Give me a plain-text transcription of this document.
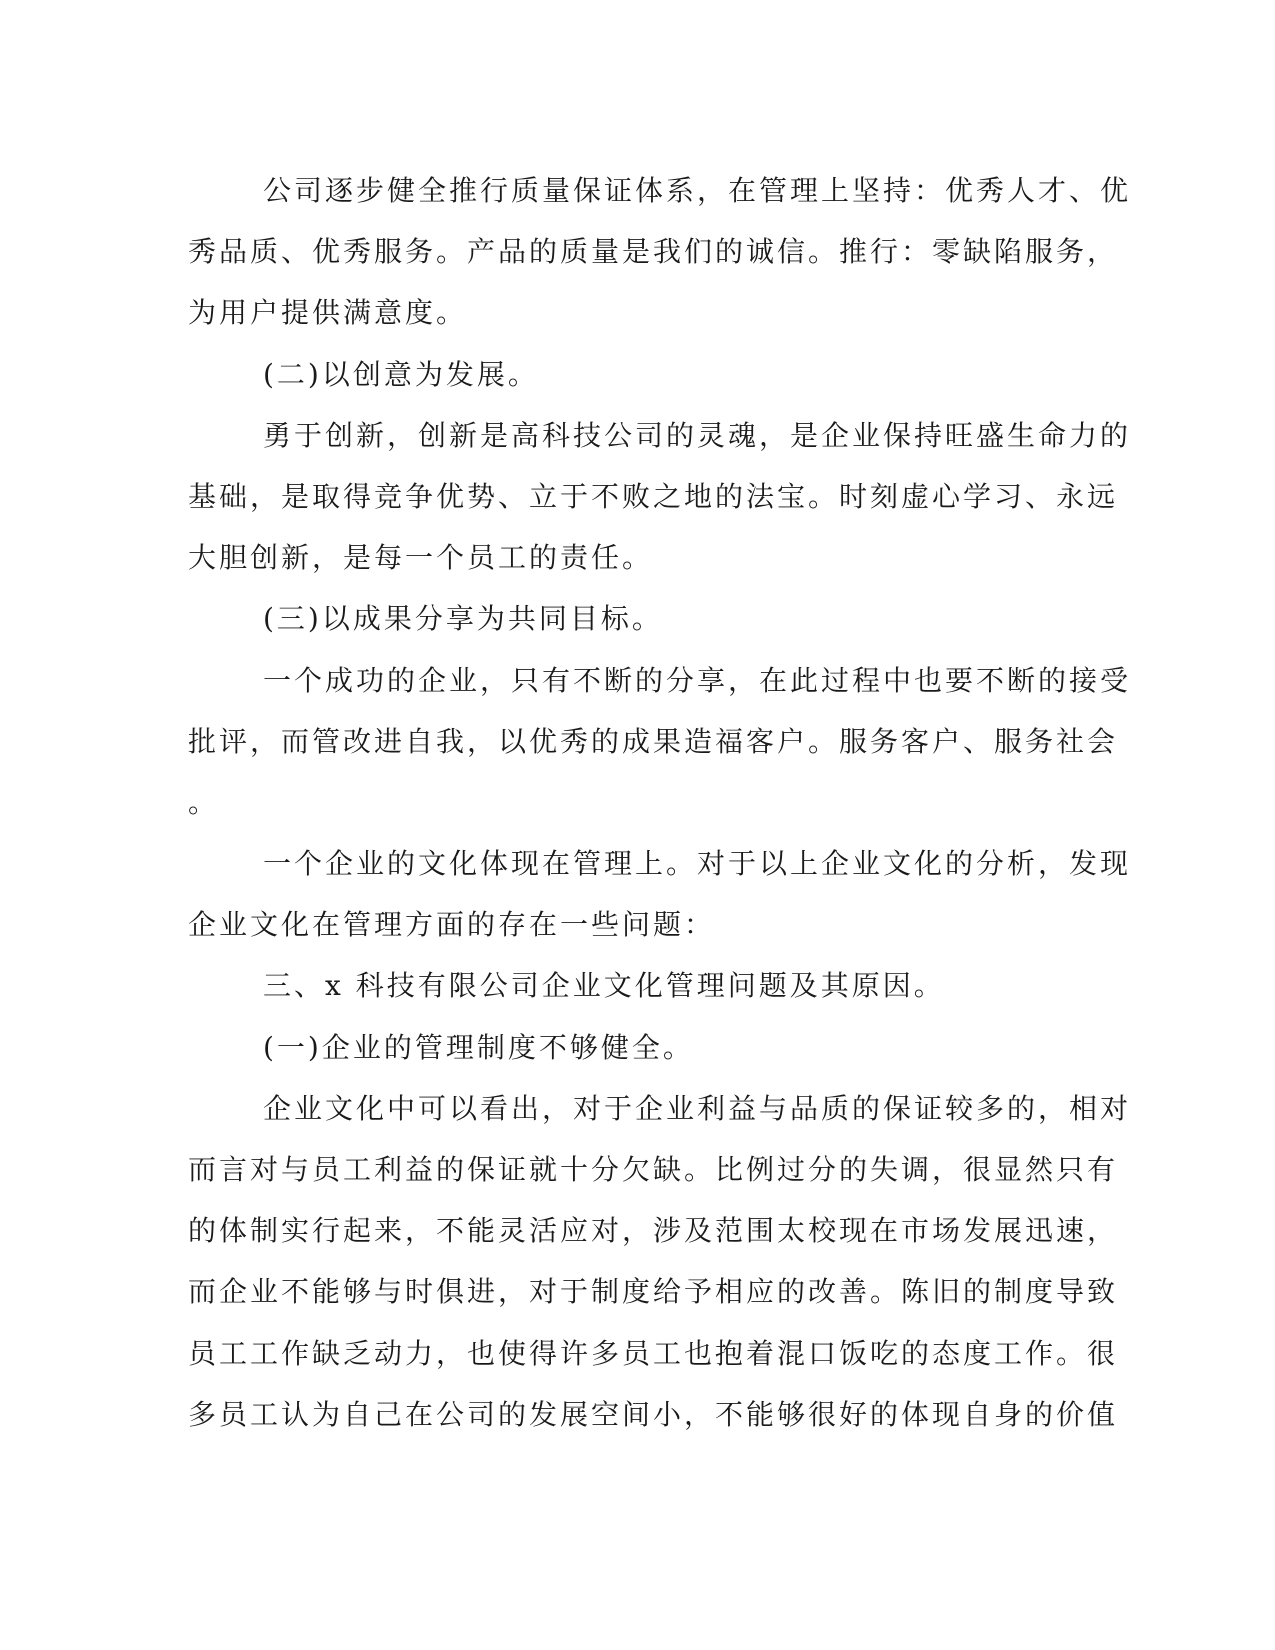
公司逐步健全推行质量保证体系，在管理上坚持：优秀人才、优
秀品质、优秀服务。产品的质量是我们的诚信。推行：零缺陷服务，
为用户提供满意度。
(二)以创意为发展。
勇于创新，创新是高科技公司的灵魂，是企业保持旺盛生命力的
基础，是取得竞争优势、立于不败之地的法宝。时刻虚心学习、永远
大胆创新，是每一个员工的责任。
(三)以成果分享为共同目标。
一个成功的企业，只有不断的分享，在此过程中也要不断的接受
批评，而管改进自我，以优秀的成果造福客户。服务客户、服务社会
。
一个企业的文化体现在管理上。对于以上企业文化的分析，发现
企业文化在管理方面的存在一些问题：
三、x 科技有限公司企业文化管理问题及其原因。
(一)企业的管理制度不够健全。
企业文化中可以看出，对于企业利益与品质的保证较多的，相对
而言对与员工利益的保证就十分欠缺。比例过分的失调，很显然只有
的体制实行起来，不能灵活应对，涉及范围太校现在市场发展迅速，
而企业不能够与时俱进，对于制度给予相应的改善。陈旧的制度导致
员工工作缺乏动力，也使得许多员工也抱着混口饭吃的态度工作。很
多员工认为自己在公司的发展空间小，不能够很好的体现自身的价值
